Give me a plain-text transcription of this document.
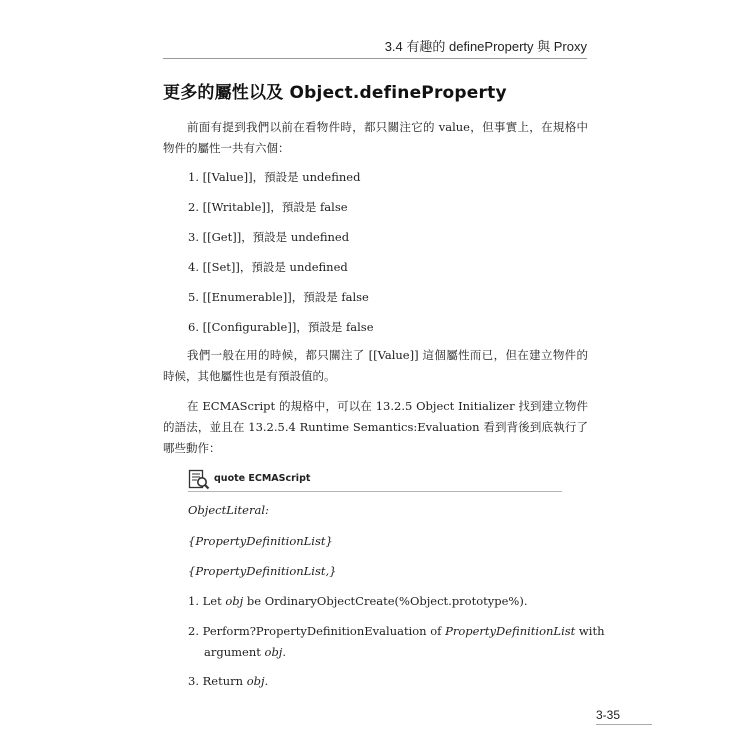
3.4 有趣的 defineProperty 與 Proxy
更多的屬性以及 Object.defineProperty

前面有提到我們以前在看物件時，都只關注它的 value，但事實上，在規格中物件的屬性一共有六個：

1. [[Value]]，預設是 undefined

2. [[Writable]]，預設是 false

3. [[Get]]，預設是 undefined

4. [[Set]]，預設是 undefined

5. [[Enumerable]]，預設是 false

6. [[Configurable]]，預設是 false

我們一般在用的時候，都只關注了 [[Value]] 這個屬性而已，但在建立物件的時候，其他屬性也是有預設值的。

在 ECMAScript 的規格中，可以在 13.2.5 Object Initializer 找到建立物件的語法，並且在 13.2.5.4 Runtime Semantics:Evaluation 看到背後到底執行了哪些動作：

quote ECMAScript

ObjectLiteral:

{PropertyDefinitionList}

{PropertyDefinitionList,}

1. Let obj be OrdinaryObjectCreate(%Object.prototype%).

2. Perform?PropertyDefinitionEvaluation of PropertyDefinitionList with

argument obj.

3. Return obj.

3-35
